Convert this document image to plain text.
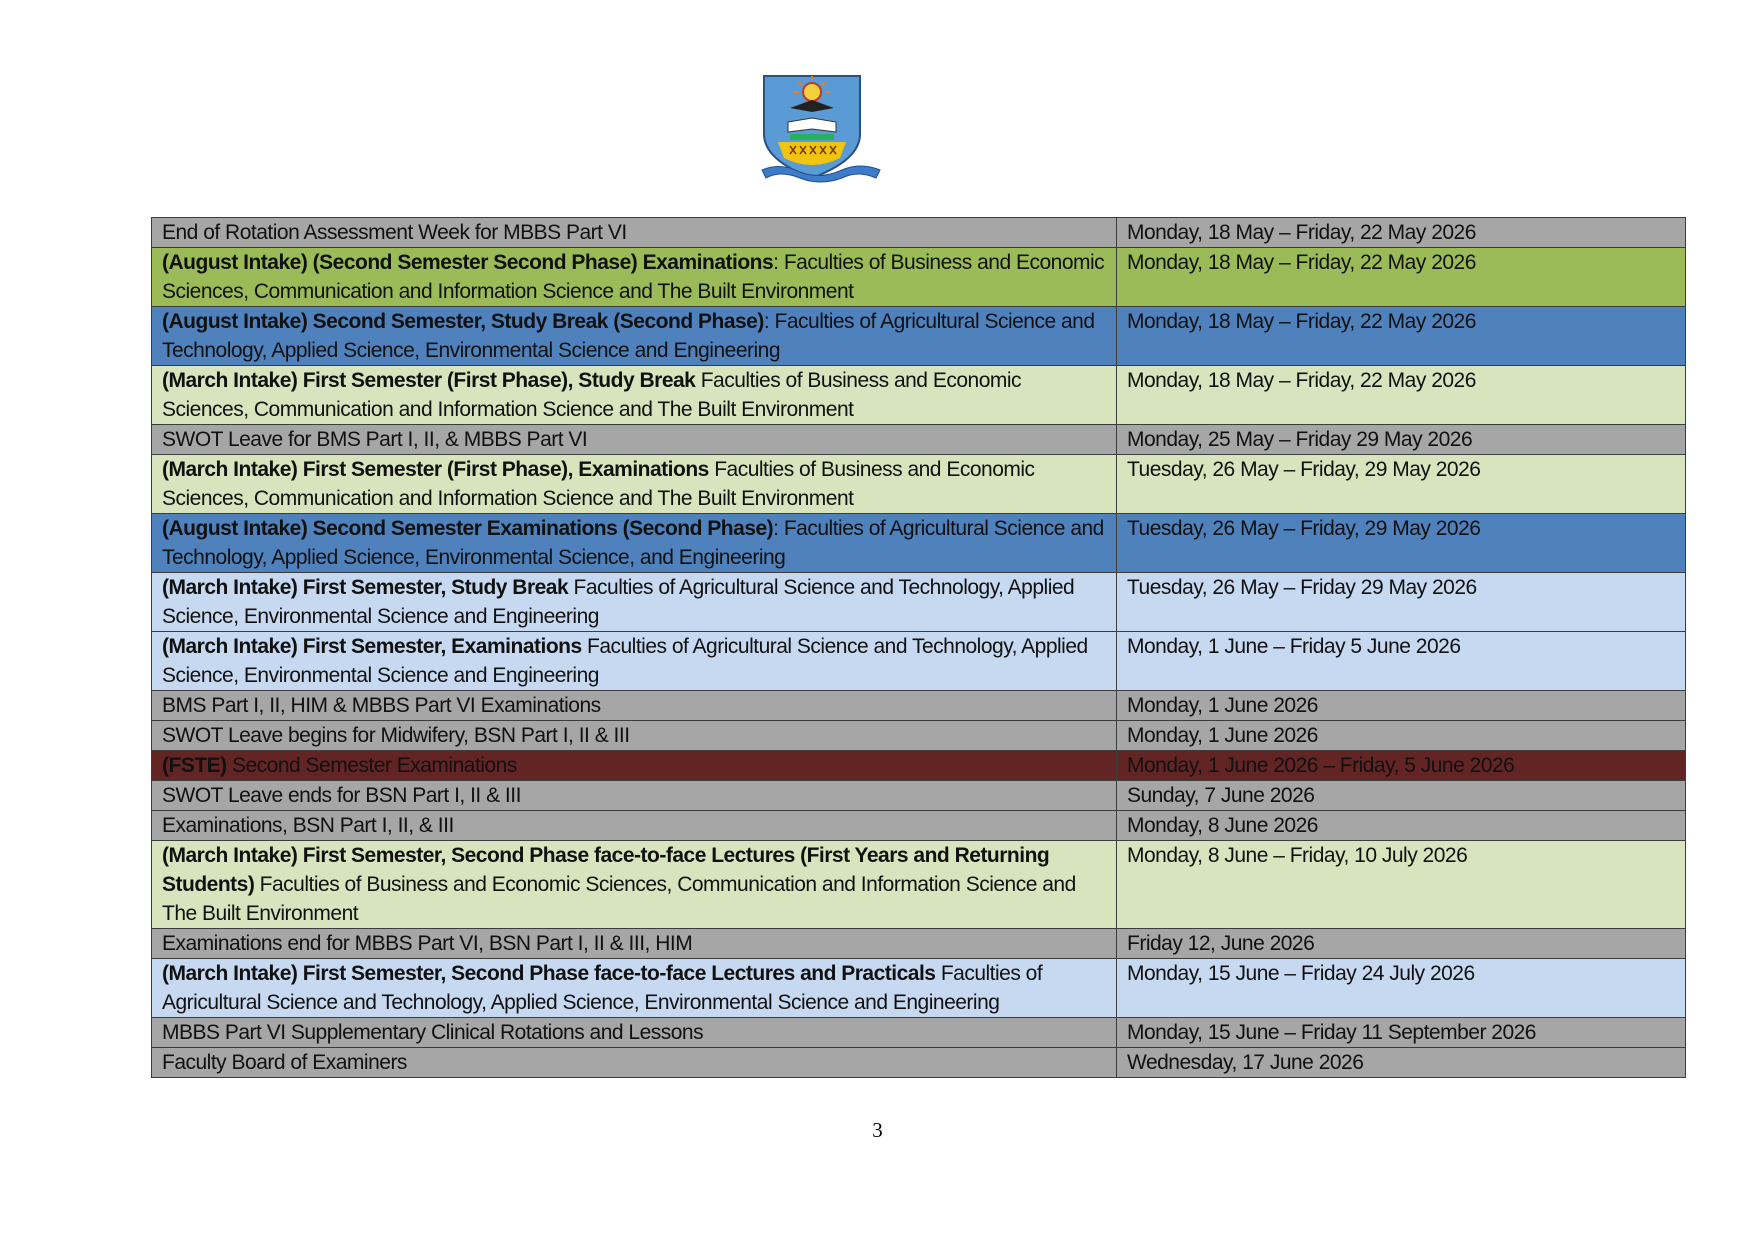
End of Rotation Assessment Week for MBBS Part VI	Monday, 18 May – Friday, 22 May 2026
(August Intake) (Second Semester Second Phase) Examinations: Faculties of Business and Economic Sciences, Communication and Information Science and The Built Environment	Monday, 18 May – Friday, 22 May 2026
(August Intake) Second Semester, Study Break (Second Phase): Faculties of Agricultural Science and Technology, Applied Science, Environmental Science and Engineering	Monday, 18 May – Friday, 22 May 2026
(March Intake) First Semester (First Phase), Study Break Faculties of Business and Economic Sciences, Communication and Information Science and The Built Environment	Monday, 18 May – Friday, 22 May 2026
SWOT Leave for BMS Part I, II, & MBBS Part VI	Monday, 25 May – Friday 29 May 2026
(March Intake) First Semester (First Phase), Examinations Faculties of Business and Economic Sciences, Communication and Information Science and The Built Environment	Tuesday, 26 May – Friday, 29 May 2026
(August Intake) Second Semester Examinations (Second Phase): Faculties of Agricultural Science and Technology, Applied Science, Environmental Science, and Engineering	Tuesday, 26 May – Friday, 29 May 2026
(March Intake) First Semester, Study Break Faculties of Agricultural Science and Technology, Applied Science, Environmental Science and Engineering	Tuesday, 26 May – Friday 29 May 2026
(March Intake) First Semester, Examinations Faculties of Agricultural Science and Technology, Applied Science, Environmental Science and Engineering	Monday, 1 June – Friday 5 June 2026
BMS Part I, II, HIM & MBBS Part VI Examinations	Monday, 1 June 2026
SWOT Leave begins for Midwifery, BSN Part I, II & III	Monday, 1 June 2026
(FSTE) Second Semester Examinations	Monday, 1 June 2026 – Friday, 5 June 2026
SWOT Leave ends for BSN Part I, II & III	Sunday, 7 June 2026
Examinations, BSN Part I, II, & III	Monday, 8 June 2026
(March Intake) First Semester, Second Phase face-to-face Lectures (First Years and Returning Students) Faculties of Business and Economic Sciences, Communication and Information Science and The Built Environment	Monday, 8 June – Friday, 10 July 2026
Examinations end for MBBS Part VI, BSN Part I, II & III, HIM	Friday 12, June 2026
(March Intake) First Semester, Second Phase face-to-face Lectures and Practicals Faculties of Agricultural Science and Technology, Applied Science, Environmental Science and Engineering	Monday, 15 June – Friday 24 July 2026
MBBS Part VI Supplementary Clinical Rotations and Lessons	Monday, 15 June – Friday 11 September 2026
Faculty Board of Examiners	Wednesday, 17 June 2026
3
